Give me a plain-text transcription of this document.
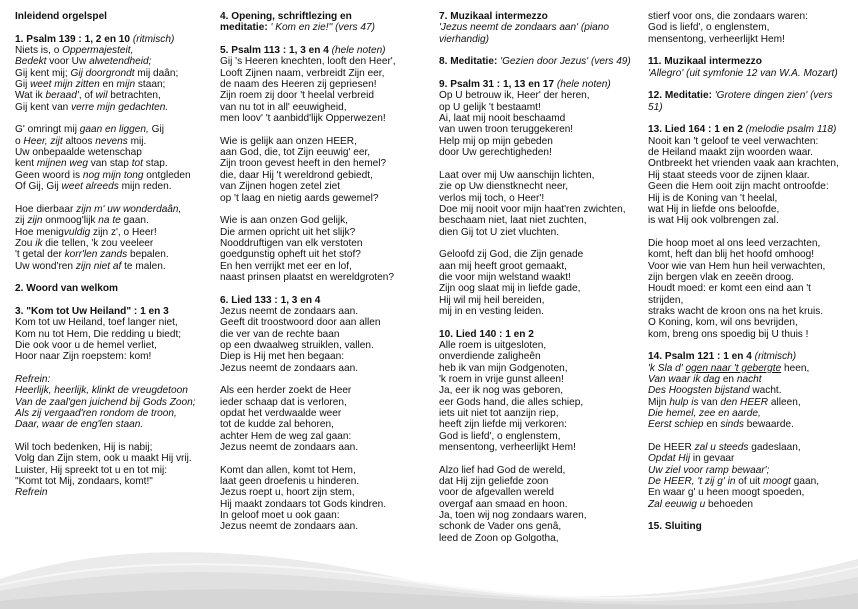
Inleidend orgelspel
1. Psalm 139 : 1, 2 en 10 (ritmisch)
Niets is, o Oppermajesteit,
Bedekt voor Uw alwetendheid;
Gij kent mij; Gij doorgrondt mij daân;
Gij weet mijn zitten en mijn staan;
Wat ik beraad', of wil betrachten,
Gij kent van verre mijn gedachten.
G' omringt mij gaan en liggen, Gij
o Heer, zijt altoos nevens mij.
Uw onbepaalde wetenschap
kent mijnen weg van stap tot stap.
Geen woord is nog mijn tong ontgleden
Of Gij, Gij weet alreeds mijn reden.
Hoe dierbaar zijn m' uw wonderdaân,
zij zijn onmoog'lijk na te gaan.
Hoe menigvuldig zijn z', o Heer!
Zou ik die tellen, 'k zou veeleer
't getal der korr'len zands bepalen.
Uw wond'ren zijn niet af te malen.
2. Woord van welkom
3. "Kom tot Uw Heiland" : 1 en 3
Kom tot uw Heiland, toef langer niet,
Kom nu tot Hem, Die redding u biedt;
Die ook voor u de hemel verliet,
Hoor naar Zijn roepstem: kom!
Refrein:
Heerlijk, heerlijk, klinkt de vreugdetoon
Van de zaal'gen juichend bij Gods Zoon;
Als zij vergaad'ren rondom de troon,
Daar, waar de eng'len staan.
Wil toch bedenken, Hij is nabij;
Volg dan Zijn stem, ook u maakt Hij vrij.
Luister, Hij spreekt tot u en tot mij:
"Komt tot Mij, zondaars, komt!"
Refrein
4. Opening, schriftlezing en
meditatie: ' Kom en zie!'' (vers 47)
5. Psalm 113 : 1, 3 en 4 (hele noten)
Gij 's Heeren knechten, looft den Heer',
Looft Zijnen naam, verbreidt Zijn eer,
de naam des Heeren zij gepriesen!
Zijn roem zij door 't heelal verbreid
van nu tot in all' eeuwigheid,
men loov' 't aanbidd'lijk Opperwezen!
Wie is gelijk aan onzen HEER,
aan God, die, tot Zijn eeuwig' eer,
Zijn troon gevest heeft in den hemel?
die, daar Hij 't wereldrond gebiedt,
van Zijnen hogen zetel ziet
op 't laag en nietig aards gewemel?
Wie is aan onzen God gelijk,
Die armen opricht uit het slijk?
Nooddruftigen van elk verstoten
goedgunstig opheft uit het stof?
En hen verrijkt met eer en lof,
naast prinsen plaatst en wereldgroten?
6. Lied 133 : 1, 3 en 4
Jezus neemt de zondaars aan.
Geeft dit troostwoord door aan allen
die ver van de rechte baan
op een dwaalweg struiklen, vallen.
Diep is Hij met hen begaan:
Jezus neemt de zondaars aan.
Als een herder zoekt de Heer
ieder schaap dat is verloren,
opdat het verdwaalde weer
tot de kudde zal behoren,
achter Hem de weg zal gaan:
Jezus neemt de zondaars aan.
Komt dan allen, komt tot Hem,
laat geen droefenis u hinderen.
Jezus roept u, hoort zijn stem,
Hij maakt zondaars tot Gods kindren.
In geloof moet u ook gaan:
Jezus neemt de zondaars aan.
7. Muzikaal intermezzo
'Jezus neemt de zondaars aan' (piano
vierhandig)
8. Meditatie: 'Gezien door Jezus' (vers 49)
9. Psalm 31 : 1, 13 en 17 (hele noten)
Op U betrouw ik, Heer' der heren,
op U gelijk 't bestaamt!
Ai, laat mij nooit beschaamd
van uwen troon teruggekeren!
Help mij op mijn gebeden
door Uw gerechtigheden!
Laat over mij Uw aanschijn lichten,
zie op Uw dienstknecht neer,
verlos mij toch, o Heer'!
Doe mij nooit voor mijn haat'ren zwichten,
beschaam niet, laat niet zuchten,
dien Gij tot U ziet vluchten.
Geloofd zij God, die Zijn genade
aan mij heeft groot gemaakt,
die voor mijn welstand waakt!
Zijn oog slaat mij in liefde gade,
Hij wil mij heil bereiden,
mij in en vesting leiden.
10. Lied 140 : 1 en 2
Alle roem is uitgesloten,
onverdiende zaligheên
heb ik van mijn Godgenoten,
'k roem in vrije gunst alleen!
Ja, eer ik nog was geboren,
eer Gods hand, die alles schiep,
iets uit niet tot aanzijn riep,
heeft zijn liefde mij verkoren:
God is liefd', o englenstem,
mensentong, verheerlijkt Hem!
Alzo lief had God de wereld,
dat Hij zijn geliefde zoon
voor de afgevallen wereld
overgaf aan smaad en hoon.
Ja, toen wij nog zondaars waren,
schonk de Vader ons genâ,
leed de Zoon op Golgotha,
stierf voor ons, die zondaars waren:
God is liefd', o englenstem,
mensentong, verheerlijkt Hem!
11. Muzikaal intermezzo
'Allegro' (uit symfonie 12 van W.A. Mozart)
12. Meditatie: 'Grotere dingen zien' (vers
51)
13. Lied 164 : 1 en 2 (melodie psalm 118)
Nooit kan 't geloof te veel verwachten:
de Heiland maakt zijn woorden waar.
Ontbreekt het vrienden vaak aan krachten,
Hij staat steeds voor de zijnen klaar.
Geen die Hem ooit zijn macht ontroofde:
Hij is de Koning van 't heelal,
wat Hij in liefde ons beloofde,
is wat Hij ook volbrengen zal.
Die hoop moet al ons leed verzachten,
komt, heft dan blij het hoofd omhoog!
Voor wie van Hem hun heil verwachten,
zijn bergen vlak en zeeën droog.
Houdt moed: er komt een eind aan 't
strijden,
straks wacht de kroon ons na het kruis.
O Koning, kom, wil ons bevrijden,
kom, breng ons spoedig bij U thuis !
14. Psalm 121 : 1 en 4 (ritmisch)
'k Sla d' ogen naar 't gebergte heen,
Van waar ik dag en nacht
Des Hoogsten bijstand wacht.
Mijn hulp is van den HEER alleen,
Die hemel, zee en aarde,
Eerst schiep en sinds bewaarde.
De HEER zal u steeds gadeslaan,
Opdat Hij in gevaar
Uw ziel voor ramp bewaar';
De HEER, 't zij g' in of uit moogt gaan,
En waar g' u heen moogt spoeden,
Zal eeuwig u behoeden
15. Sluiting
